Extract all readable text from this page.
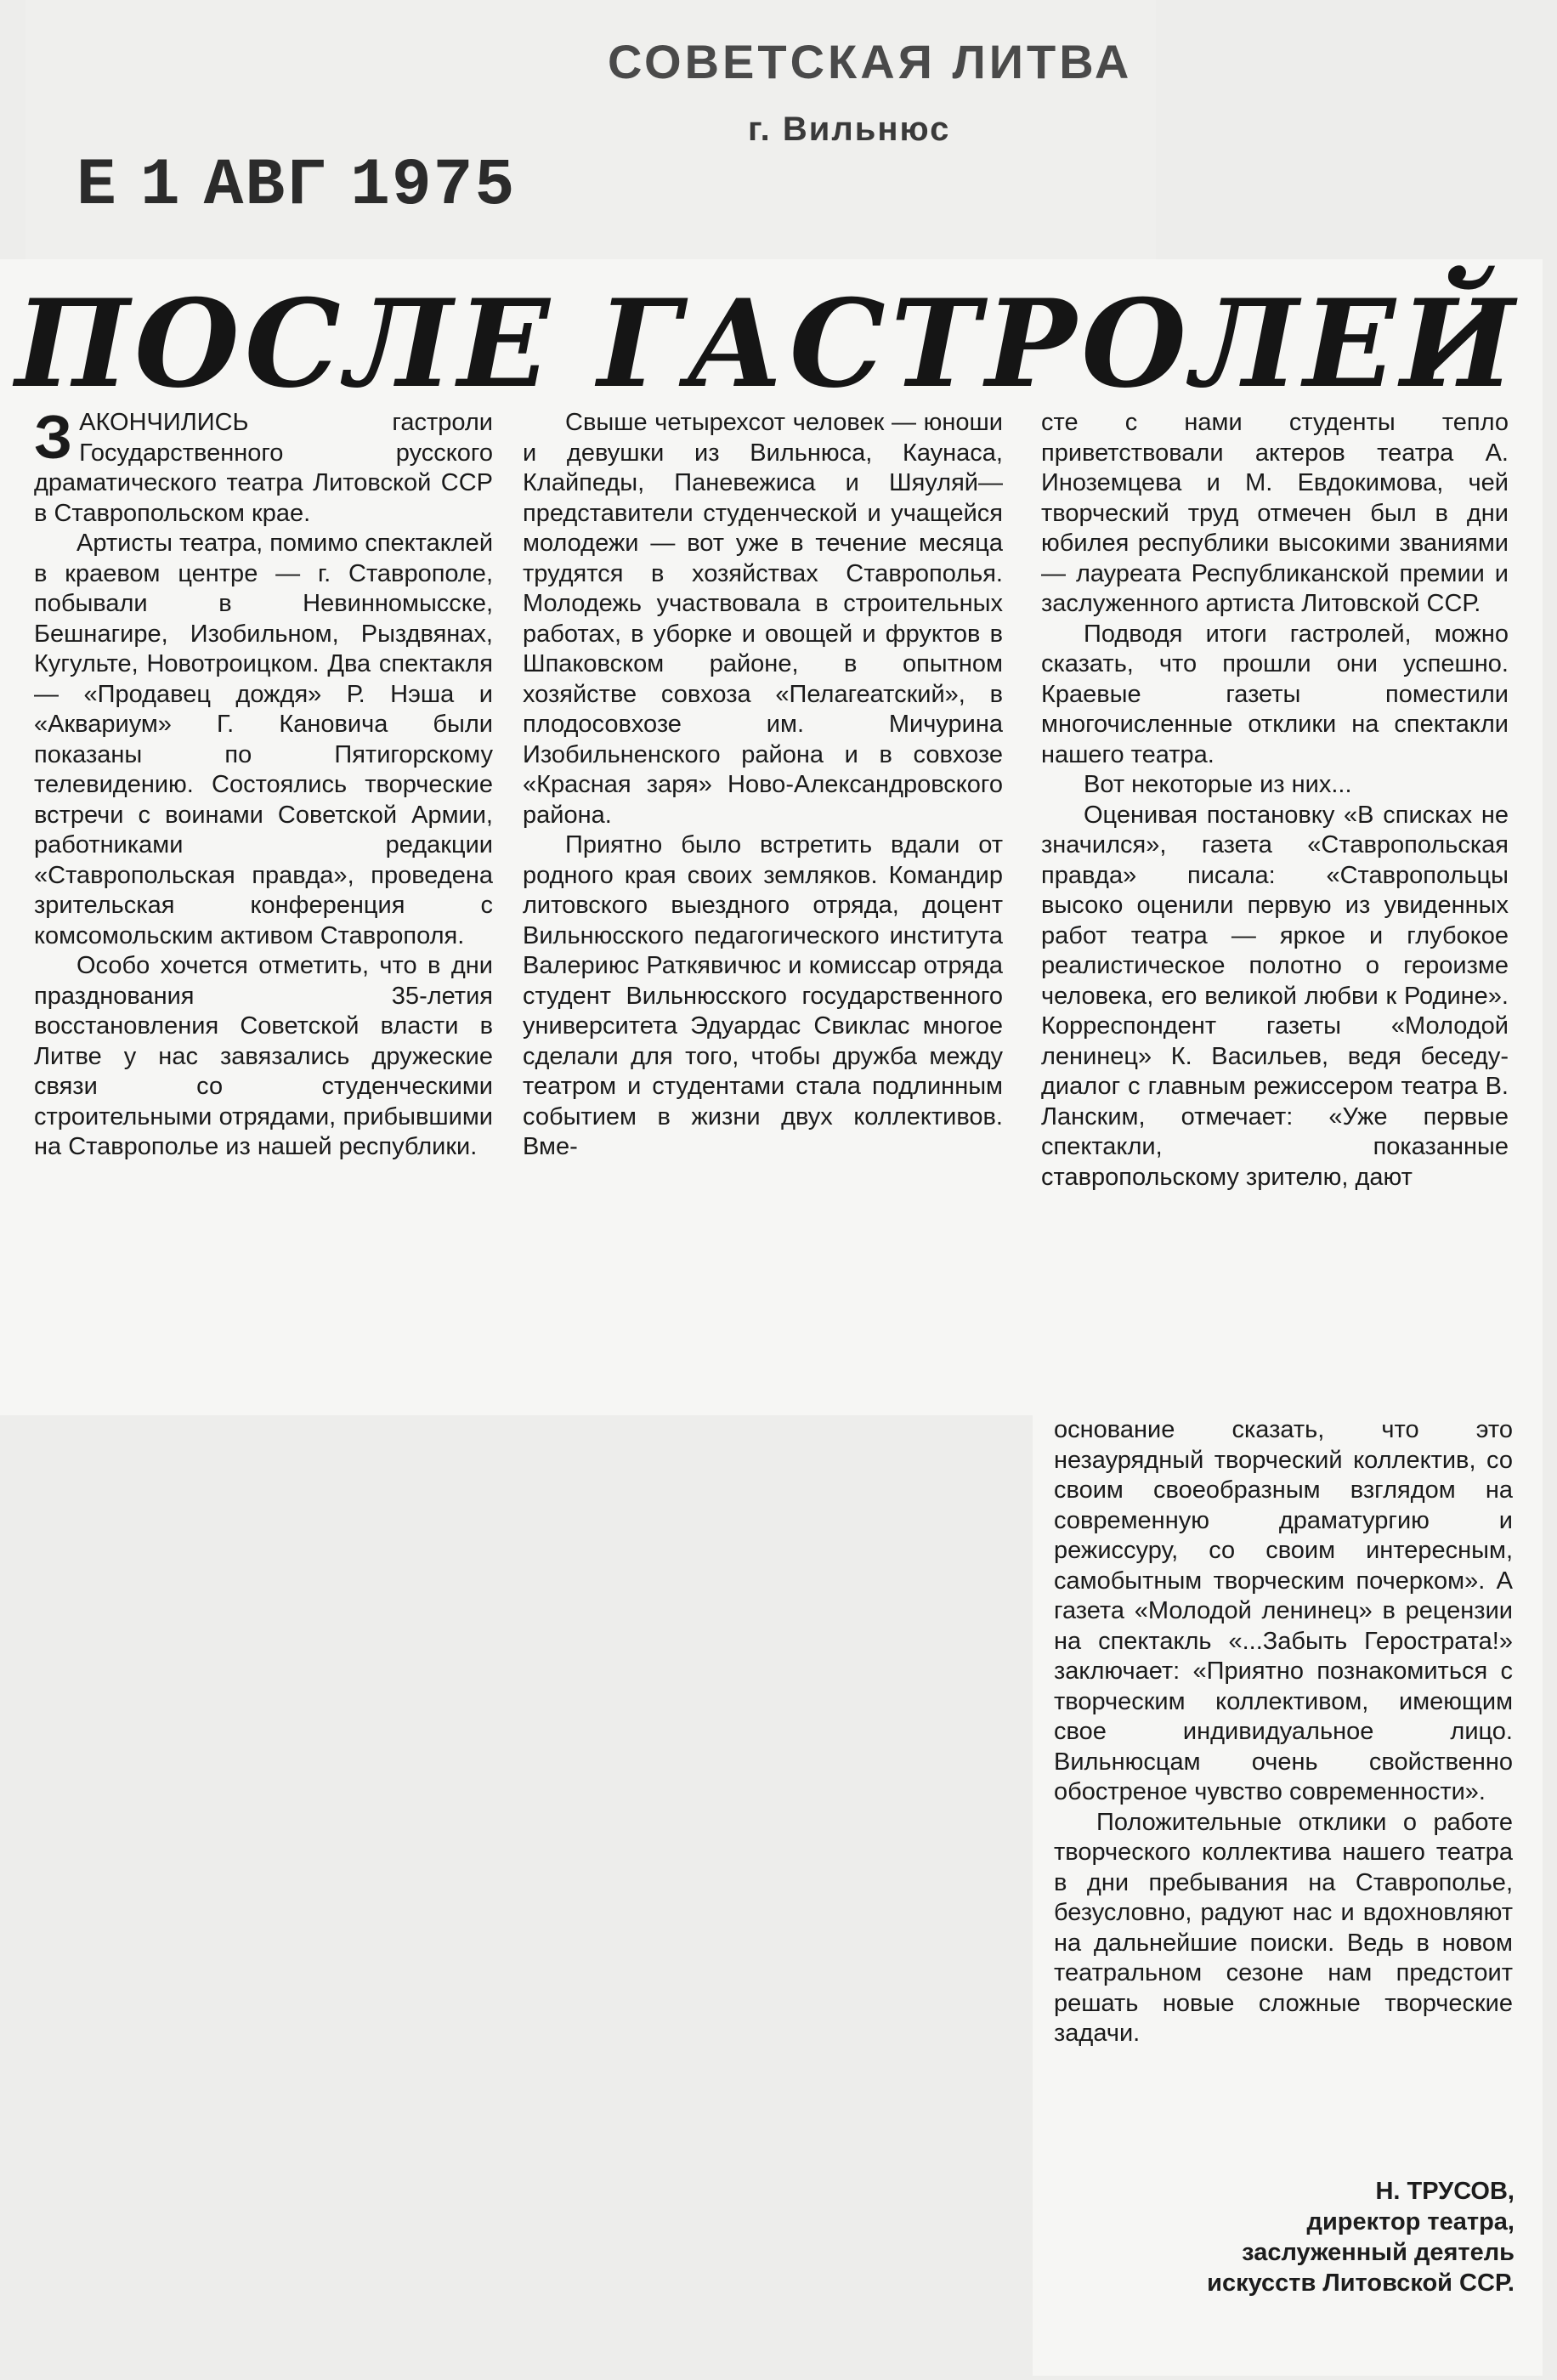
СОВЕТСКАЯ ЛИТВА
г. Вильнюс
Е 1 АВГ 1975
ПОСЛЕ ГАСТРОЛЕЙ

ЗАКОНЧИЛИСЬ гастроли Государственного русского драматического театра Литовской ССР в Ставропольском крае.

Артисты театра, помимо спектаклей в краевом центре — г. Ставрополе, побывали в Невинномысске, Бешнагире, Изобильном, Рыздвянах, Кугульте, Новотроицком. Два спектакля — «Продавец дождя» Р. Нэша и «Аквариум» Г. Кановича были показаны по Пятигорскому телевидению. Состоялись творческие встречи с воинами Советской Армии, работниками редакции «Ставропольская правда», проведена зрительская конференция с комсомольским активом Ставрополя.

Особо хочется отметить, что в дни празднования 35-летия восстановления Советской власти в Литве у нас завязались дружеские связи со студенческими строительными отрядами, прибывшими на Ставрополье из нашей республики.

Свыше четырехсот человек — юноши и девушки из Вильнюса, Каунаса, Клайпеды, Паневежиса и Шяуляй—представители студенческой и учащейся молодежи — вот уже в течение месяца трудятся в хозяйствах Ставрополья. Молодежь участвовала в строительных работах, в уборке и овощей и фруктов в Шпаковском районе, в опытном хозяйстве совхоза «Пелагеатский», в плодосовхозе им. Мичурина Изобильненского района и в совхозе «Красная заря» Ново-Александровского района.

Приятно было встретить вдали от родного края своих земляков. Командир литовского выездного отряда, доцент Вильнюсского педагогического института Валериюс Раткявичюс и комиссар отряда студент Вильнюсского государственного университета Эдуардас Свиклас многое сделали для того, чтобы дружба между театром и студентами стала подлинным событием в жизни двух коллективов. Вме-

сте с нами студенты тепло приветствовали актеров театра А. Иноземцева и М. Евдокимова, чей творческий труд отмечен был в дни юбилея республики высокими званиями — лауреата Республиканской премии и заслуженного артиста Литовской ССР.

Подводя итоги гастролей, можно сказать, что прошли они успешно. Краевые газеты поместили многочисленные отклики на спектакли нашего театра.

Вот некоторые из них...

Оценивая постановку «В списках не значился», газета «Ставропольская правда» писала: «Ставропольцы высоко оценили первую из увиденных работ театра — яркое и глубокое реалистическое полотно о героизме человека, его великой любви к Родине». Корреспондент газеты «Молодой ленинец» К. Васильев, ведя беседу-диалог с главным режиссером театра В. Ланским, отмечает: «Уже первые спектакли, показанные ставропольскому зрителю, дают

основание сказать, что это незаурядный творческий коллектив, со своим своеобразным взглядом на современную драматургию и режиссуру, со своим интересным, самобытным творческим почерком». А газета «Молодой ленинец» в рецензии на спектакль «...Забыть Герострата!» заключает: «Приятно познакомиться с творческим коллективом, имеющим свое индивидуальное лицо. Вильнюсцам очень свойственно обостреное чувство современности».

Положительные отклики о работе творческого коллектива нашего театра в дни пребывания на Ставрополье, безусловно, радуют нас и вдохновляют на дальнейшие поиски. Ведь в новом театральном сезоне нам предстоит решать новые сложные творческие задачи.

Н. ТРУСОВ,
директор театра,
заслуженный деятель
искусств Литовской ССР.
